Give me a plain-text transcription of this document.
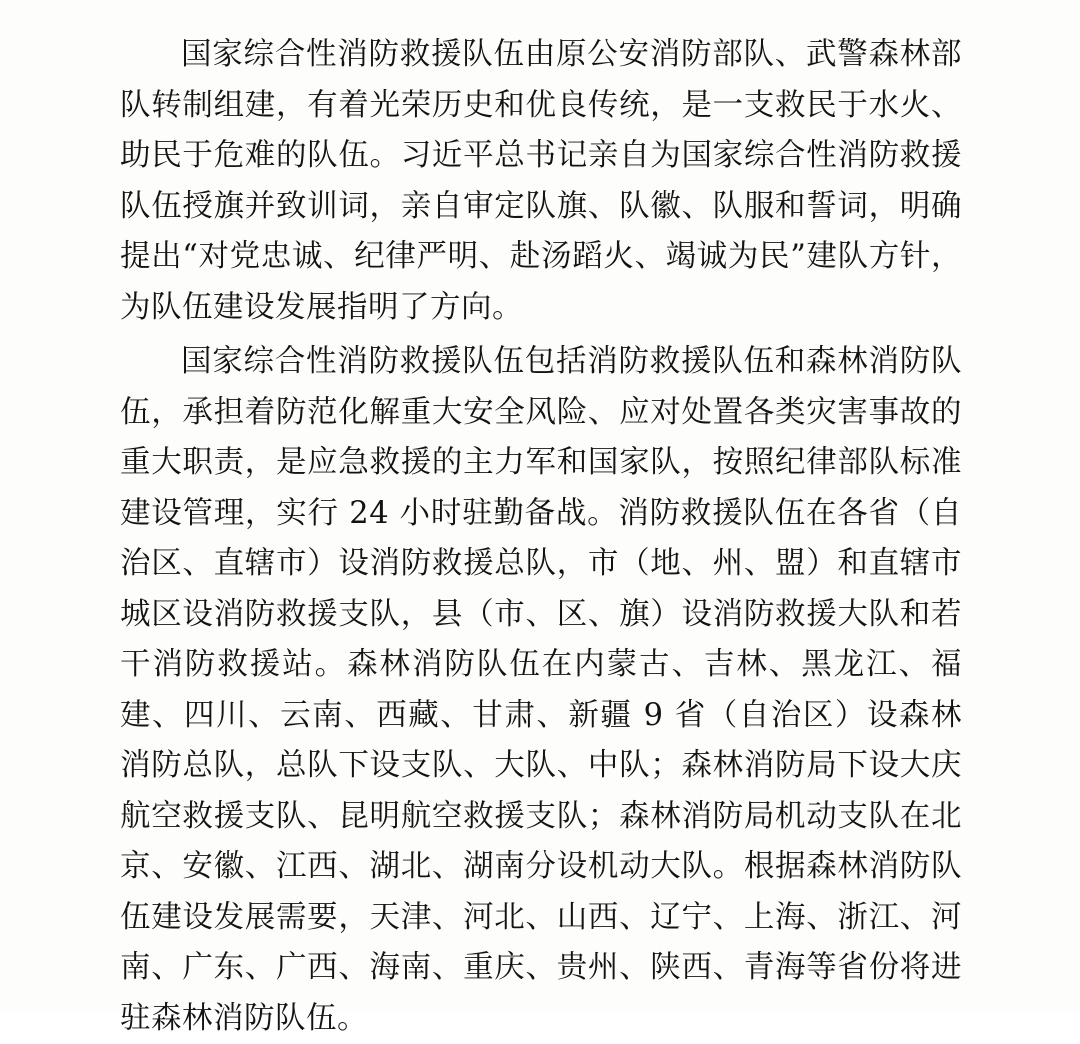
国家综合性消防救援队伍由原公安消防部队、武警森林部队转制组建，有着光荣历史和优良传统，是一支救民于水火、助民于危难的队伍。习近平总书记亲自为国家综合性消防救援队伍授旗并致训词，亲自审定队旗、队徽、队服和誓词，明确提出“对党忠诚、纪律严明、赴汤蹈火、竭诚为民”建队方针，为队伍建设发展指明了方向。

国家综合性消防救援队伍包括消防救援队伍和森林消防队伍，承担着防范化解重大安全风险、应对处置各类灾害事故的重大职责，是应急救援的主力军和国家队，按照纪律部队标准建设管理，实行 24 小时驻勤备战。消防救援队伍在各省（自治区、直辖市）设消防救援总队，市（地、州、盟）和直辖市城区设消防救援支队，县（市、区、旗）设消防救援大队和若干消防救援站。森林消防队伍在内蒙古、吉林、黑龙江、福建、四川、云南、西藏、甘肃、新疆 9 省（自治区）设森林消防总队，总队下设支队、大队、中队；森林消防局下设大庆航空救援支队、昆明航空救援支队；森林消防局机动支队在北京、安徽、江西、湖北、湖南分设机动大队。根据森林消防队伍建设发展需要，天津、河北、山西、辽宁、上海、浙江、河南、广东、广西、海南、重庆、贵州、陕西、青海等省份将进驻森林消防队伍。
